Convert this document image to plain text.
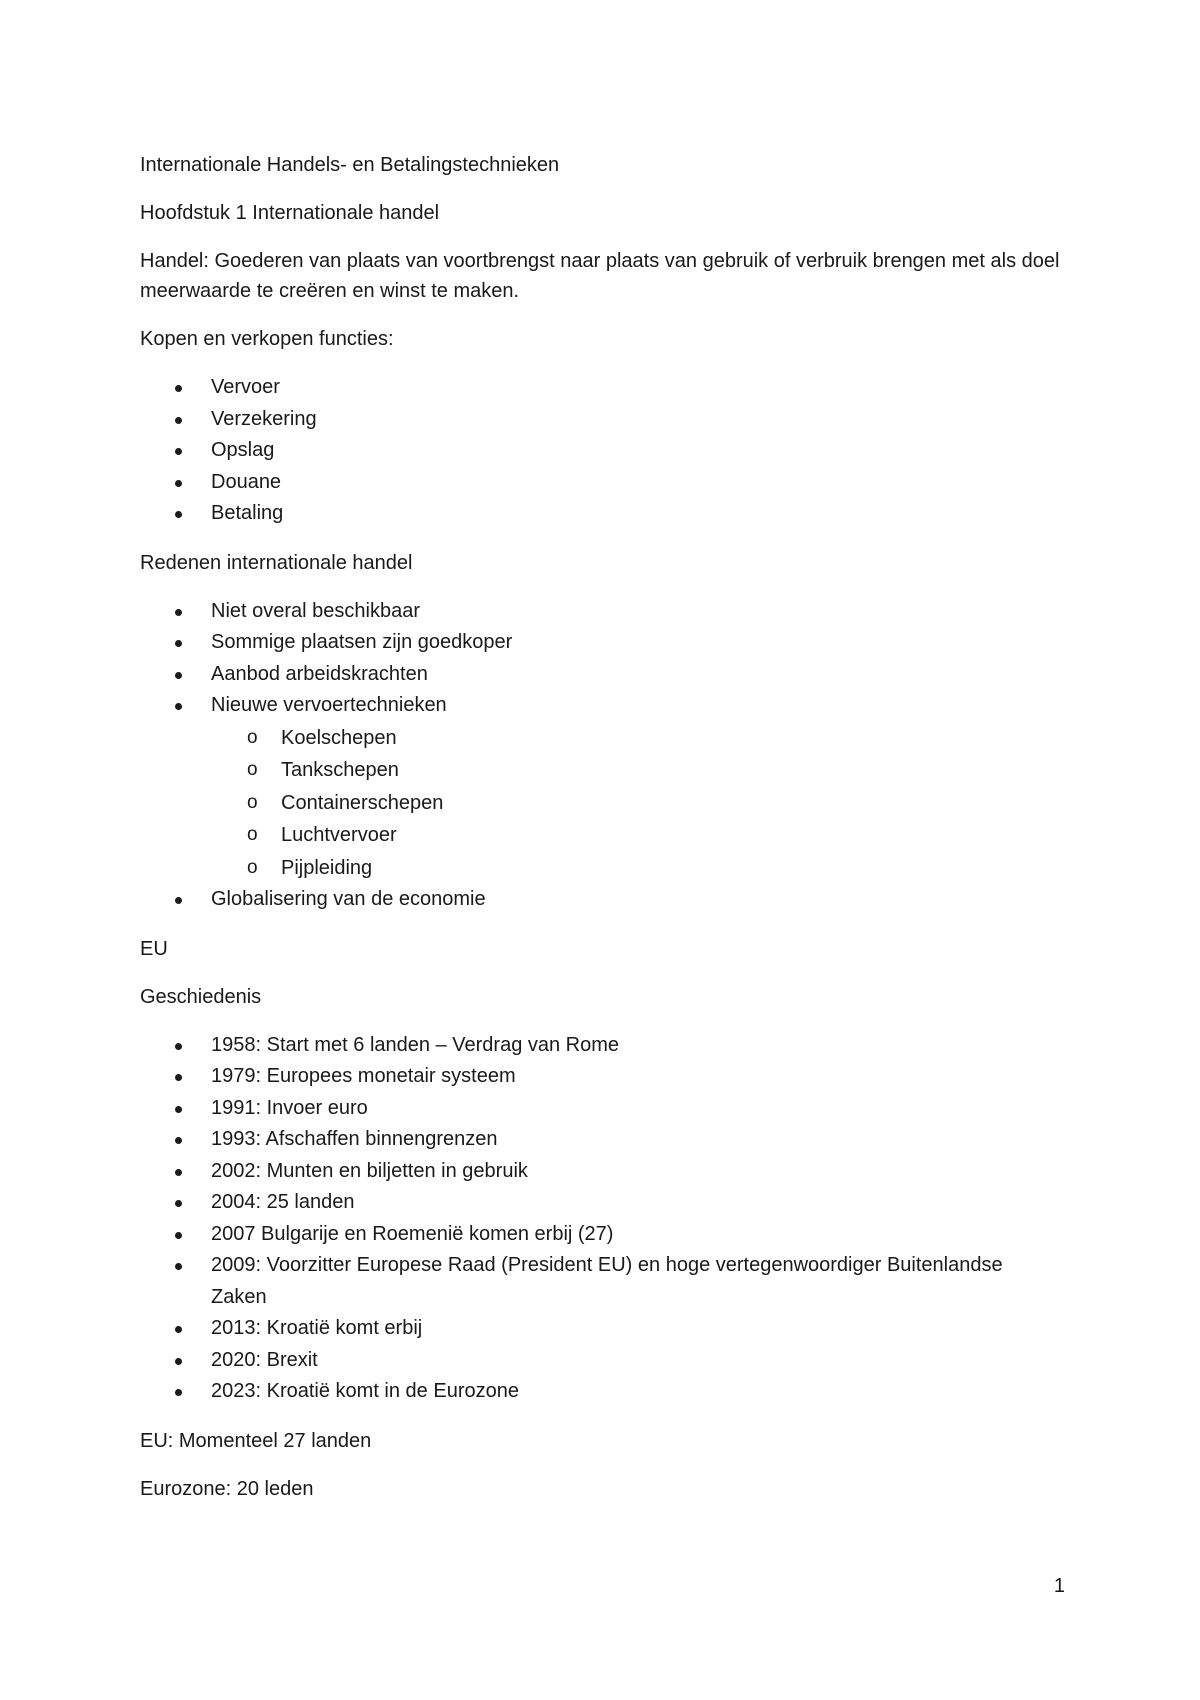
Internationale Handels- en Betalingstechnieken

Hoofdstuk 1 Internationale handel

Handel: Goederen van plaats van voortbrengst naar plaats van gebruik of verbruik brengen met als doel meerwaarde te creëren en winst te maken.

Kopen en verkopen functies:

Vervoer
Verzekering
Opslag
Douane
Betaling

Redenen internationale handel

Niet overal beschikbaar
Sommige plaatsen zijn goedkoper
Aanbod arbeidskrachten
Nieuwe vervoertechnieken
o Koelschepen
o Tankschepen
o Containerschepen
o Luchtvervoer
o Pijpleiding
Globalisering van de economie

EU

Geschiedenis

1958: Start met 6 landen – Verdrag van Rome
1979: Europees monetair systeem
1991: Invoer euro
1993: Afschaffen binnengrenzen
2002: Munten en biljetten in gebruik
2004: 25 landen
2007 Bulgarije en Roemenië komen erbij (27)
2009: Voorzitter Europese Raad (President EU) en hoge vertegenwoordiger Buitenlandse Zaken
2013: Kroatië komt erbij
2020: Brexit
2023: Kroatië komt in de Eurozone

EU: Momenteel 27 landen

Eurozone: 20 leden

1
